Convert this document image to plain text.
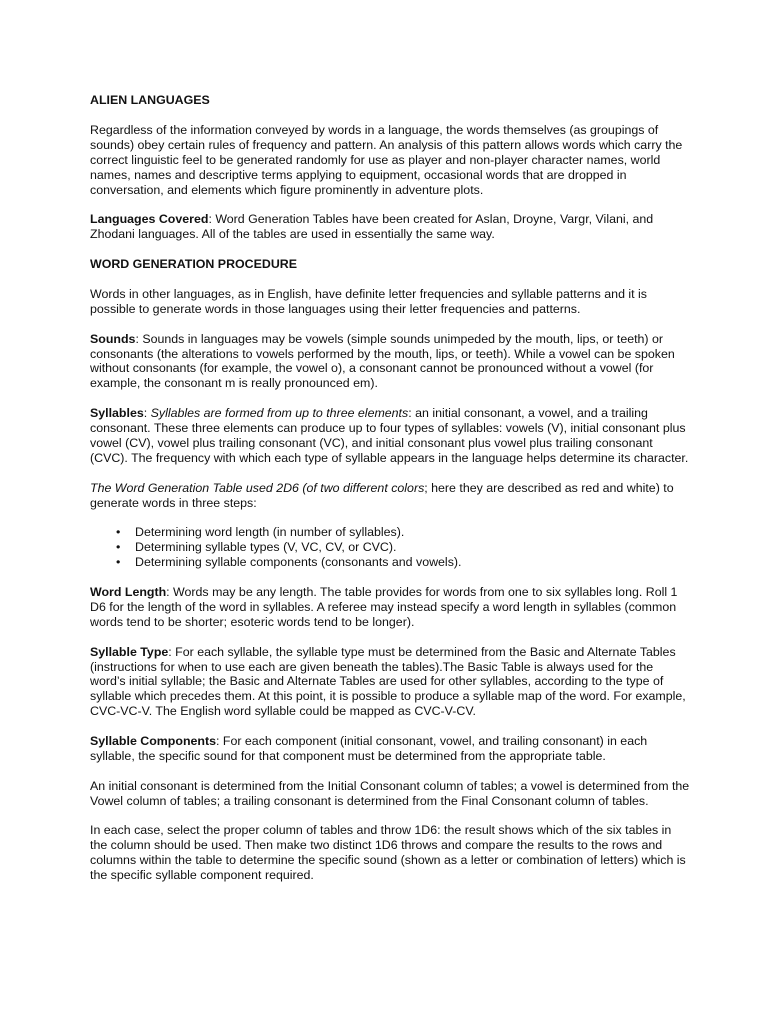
ALIEN LANGUAGES

Regardless of the information conveyed by words in a language, the words themselves (as groupings of sounds) obey certain rules of frequency and pattern. An analysis of this pattern allows words which carry the correct linguistic feel to be generated randomly for use as player and non-player character names, world names, names and descriptive terms applying to equipment, occasional words that are dropped in conversation, and elements which figure prominently in adventure plots.

Languages Covered: Word Generation Tables have been created for Aslan, Droyne, Vargr, Vilani, and Zhodani languages. All of the tables are used in essentially the same way.

WORD GENERATION PROCEDURE

Words in other languages, as in English, have definite letter frequencies and syllable patterns and it is possible to generate words in those languages using their letter frequencies and patterns.

Sounds: Sounds in languages may be vowels (simple sounds unimpeded by the mouth, lips, or teeth) or consonants (the alterations to vowels performed by the mouth, lips, or teeth). While a vowel can be spoken without consonants (for example, the vowel o), a consonant cannot be pronounced without a vowel (for example, the consonant m is really pronounced em).

Syllables: Syllables are formed from up to three elements: an initial consonant, a vowel, and a trailing consonant. These three elements can produce up to four types of syllables: vowels (V), initial consonant plus vowel (CV), vowel plus trailing consonant (VC), and initial consonant plus vowel plus trailing consonant (CVC). The frequency with which each type of syllable appears in the language helps determine its character.

The Word Generation Table used 2D6 (of two different colors; here they are described as red and white) to generate words in three steps:

• Determining word length (in number of syllables).
• Determining syllable types (V, VC, CV, or CVC).
• Determining syllable components (consonants and vowels).

Word Length: Words may be any length. The table provides for words from one to six syllables long. Roll 1 D6 for the length of the word in syllables. A referee may instead specify a word length in syllables (common words tend to be shorter; esoteric words tend to be longer).

Syllable Type: For each syllable, the syllable type must be determined from the Basic and Alternate Tables (instructions for when to use each are given beneath the tables).The Basic Table is always used for the word’s initial syllable; the Basic and Alternate Tables are used for other syllables, according to the type of syllable which precedes them. At this point, it is possible to produce a syllable map of the word. For example, CVC-VC-V. The English word syllable could be mapped as CVC-V-CV.

Syllable Components: For each component (initial consonant, vowel, and trailing consonant) in each syllable, the specific sound for that component must be determined from the appropriate table.

An initial consonant is determined from the Initial Consonant column of tables; a vowel is determined from the Vowel column of tables; a trailing consonant is determined from the Final Consonant column of tables.

In each case, select the proper column of tables and throw 1D6: the result shows which of the six tables in the column should be used. Then make two distinct 1D6 throws and compare the results to the rows and columns within the table to determine the specific sound (shown as a letter or combination of letters) which is the specific syllable component required.
